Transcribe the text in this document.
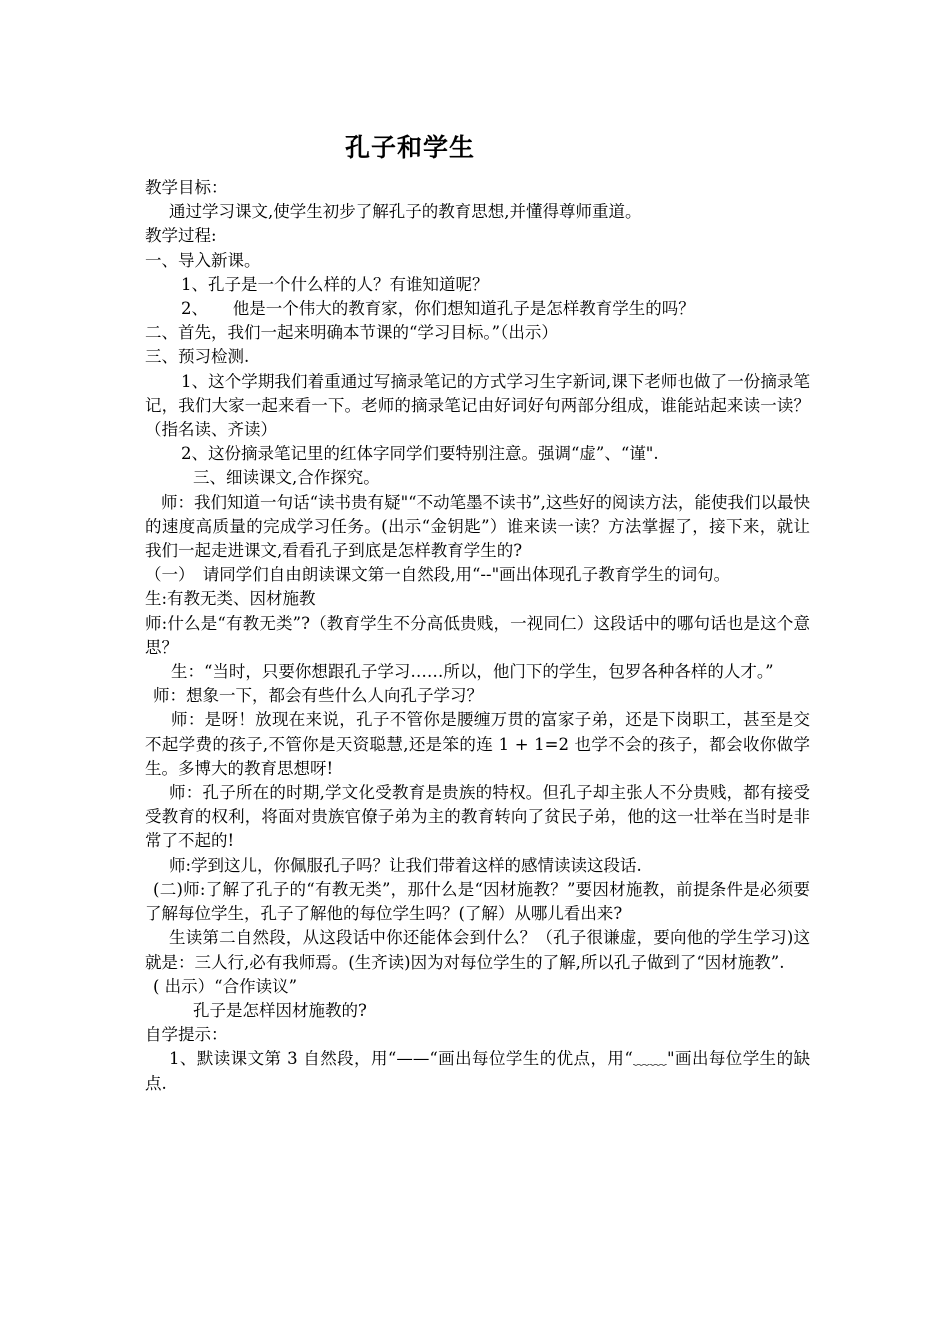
孔子和学生

教学目标：

通过学习课文,使学生初步了解孔子的教育思想,并懂得尊师重道。

教学过程:

一、导入新课。

1、孔子是一个什么样的人？有谁知道呢？

2、　　他是一个伟大的教育家，你们想知道孔子是怎样教育学生的吗？

二、首先，我们一起来明确本节课的“学习目标。”（出示）

三、预习检测.

1、这个学期我们着重通过写摘录笔记的方式学习生字新词,课下老师也做了一份摘录笔记，我们大家一起来看一下。老师的摘录笔记由好词好句两部分组成，谁能站起来读一读？（指名读、齐读）

2、这份摘录笔记里的红体字同学们要特别注意。强调“虚”、“谨".

三、细读课文,合作探究。

师：我们知道一句话“读书贵有疑"“不动笔墨不读书”,这些好的阅读方法，能使我们以最快的速度高质量的完成学习任务。(出示“金钥匙”）谁来读一读？方法掌握了，接下来，就让我们一起走进课文,看看孔子到底是怎样教育学生的?

（一）　请同学们自由朗读课文第一自然段,用“--"画出体现孔子教育学生的词句。

生:有教无类、因材施教

师:什么是“有教无类”?（教育学生不分高低贵贱，一视同仁）这段话中的哪句话也是这个意思？

生：“当时，只要你想跟孔子学习……所以，他门下的学生，包罗各种各样的人才。”

师：想象一下，都会有些什么人向孔子学习？

师：是呀！放现在来说，孔子不管你是腰缠万贯的富家子弟，还是下岗职工，甚至是交不起学费的孩子,不管你是天资聪慧,还是笨的连 1 + 1=2 也学不会的孩子，都会收你做学生。多博大的教育思想呀!

师：孔子所在的时期,学文化受教育是贵族的特权。但孔子却主张人不分贵贱，都有接受受教育的权利，将面对贵族官僚子弟为主的教育转向了贫民子弟，他的这一壮举在当时是非常了不起的!

师:学到这儿，你佩服孔子吗？让我们带着这样的感情读读这段话.

(二)师:了解了孔子的“有教无类”，那什么是“因材施教？”要因材施教，前提条件是必须要了解每位学生，孔子了解他的每位学生吗？(了解）从哪儿看出来?

生读第二自然段，从这段话中你还能体会到什么？（孔子很谦虚，要向他的学生学习)这就是：三人行,必有我师焉。(生齐读)因为对每位学生的了解,所以孔子做到了“因材施教”.

( 出示）“合作读议”

孔子是怎样因材施教的?

自学提示：

1、默读课文第 3 自然段，用“——“画出每位学生的优点，用“﹏﹏"画出每位学生的缺点.
